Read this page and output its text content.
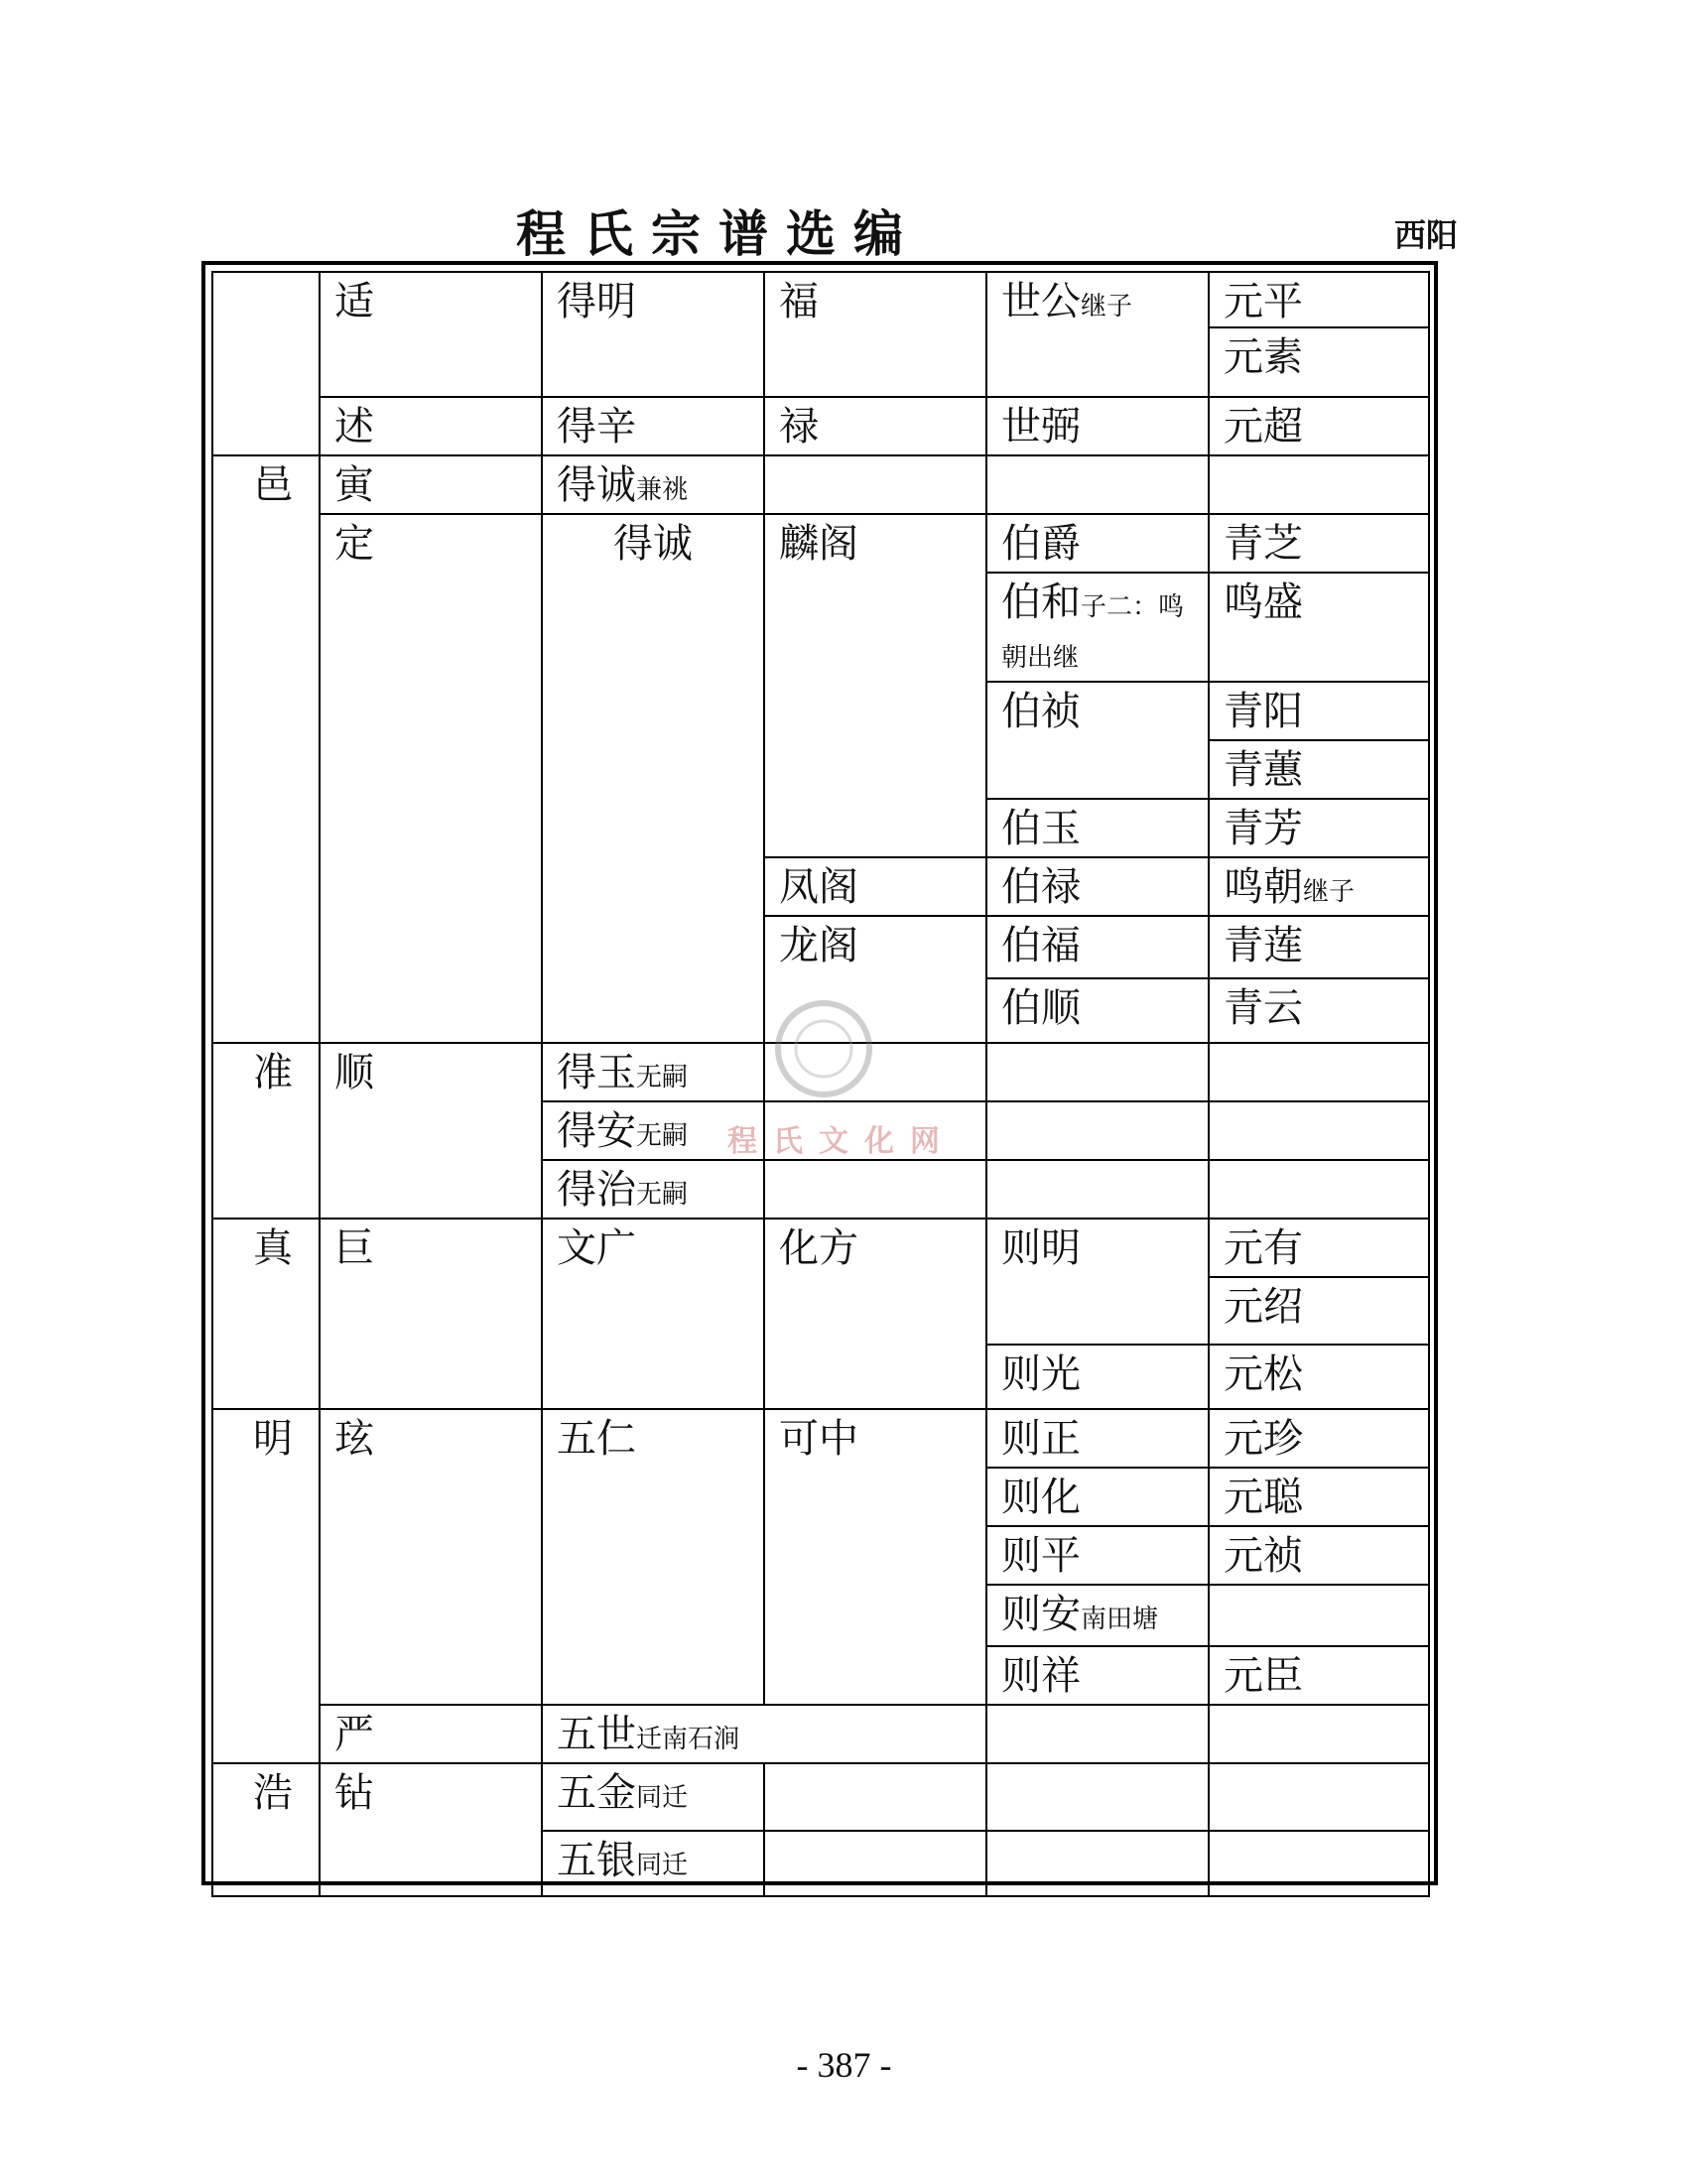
程氏宗谱选编	西阳
	适	得明	福	世公继子	元平
					元素
	述	得辛	禄	世弼	元超
邑	寅	得诚兼祧			
	定	得诚	麟阁	伯爵	青芝
				伯和子二：鸣朝出继	鸣盛
				伯祯	青阳
					青蕙
				伯玉	青芳
			凤阁	伯禄	鸣朝继子
			龙阁	伯福	青莲
				伯顺	青云
准	顺	得玉无嗣			
		得安无嗣			
		得治无嗣			
真	巨	文广	化方	则明	元有
					元绍
				则光	元松
明	玹	五仁	可中	则正	元珍
				则化	元聪
				则平	元祯
				则安南田塘	
				则祥	元臣
	严	五世迁南石涧			
浩	钻	五金同迁			
		五银同迁			
程氏文化网
- 387 -
